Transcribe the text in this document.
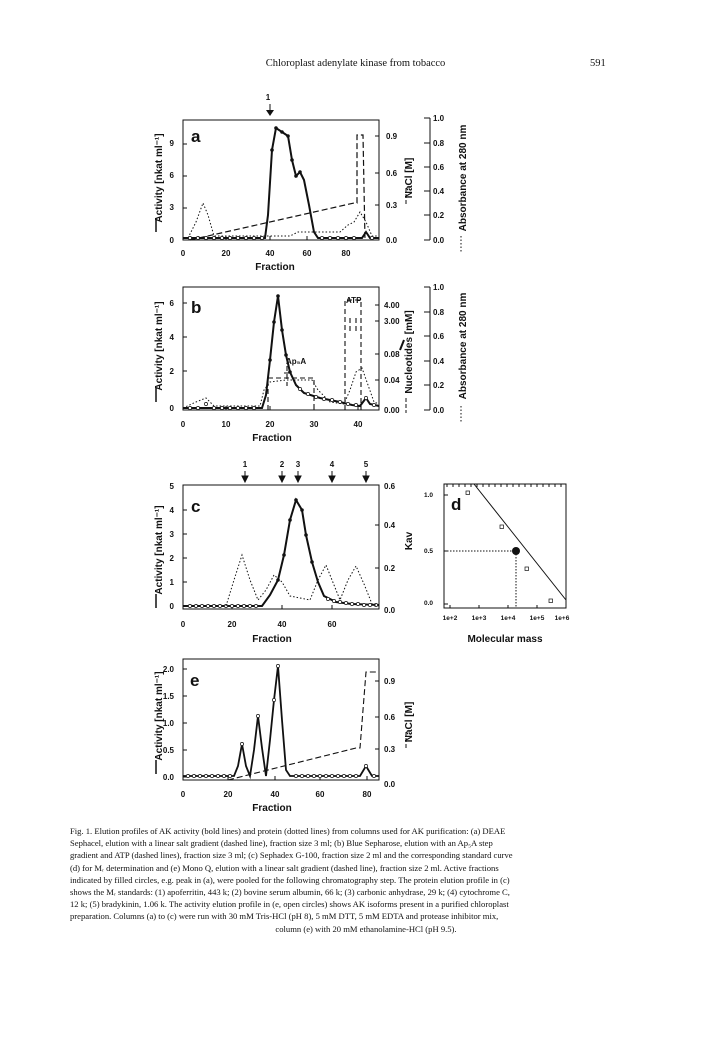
Chloroplast adenylate kinase from tobacco	591
a
1
0
3
6
9
0.0
0.3
0.6
0.9
NaCl [M]
1.0
0.8
0.6
0.4
0.2
0.0
Absorbance at 280 nm
Activity [nkat ml⁻¹]
0	20	40	60	80
Fraction
b
0
2
4
6
0.00
0.04
0.08
3.00
4.00
Nucleotides [mM]
1.0
0.8
0.6
0.4
0.2
0.0
Absorbance at 280 nm
Activity [nkat ml⁻¹]
0	10	20	30	40
Fraction
Ap₅A
ATP
c
1	2 3	4	5
0
1
2
3
4
5
0.0
0.2
0.4
0.6
Kav
Activity [nkat ml⁻¹]
0	20	40	60
Fraction
d
1.0
0.5
0.0
1e+2 1e+3 1e+4 1e+5 1e+6
Molecular mass
e
0.0
0.5
1.0
1.5
2.0
0.0
0.3
0.6
0.9
NaCl [M]
Activity [nkat ml⁻¹]
0	20	40	60	80
Fraction
Fig. 1. Elution profiles of AK activity (bold lines) and protein (dotted lines) from columns used for AK purification: (a) DEAE
Sephacel, elution with a linear salt gradient (dashed line), fraction size 3 ml; (b) Blue Sepharose, elution with an Ap₅A step
gradient and ATP (dashed lines), fraction size 3 ml; (c) Sephadex G-100, fraction size 2 ml and the corresponding standard curve
(d) for Mᵣ determination and (e) Mono Q, elution with a linear salt gradient (dashed line), fraction size 2 ml. Active fractions
indicated by filled circles, e.g. peak in (a), were pooled for the following chromatography step. The protein elution profile in (c)
shows the Mᵣ standards: (1) apoferritin, 443 k; (2) bovine serum albumin, 66 k; (3) carbonic anhydrase, 29 k; (4) cytochrome C,
12 k; (5) bradykinin, 1.06 k. The activity elution profile in (e, open circles) shows AK isoforms present in a purified chloroplast
preparation. Columns (a) to (c) were run with 30 mM Tris-HCl (pH 8), 5 mM DTT, 5 mM EDTA and protease inhibitor mix,
column (e) with 20 mM ethanolamine-HCl (pH 9.5).
